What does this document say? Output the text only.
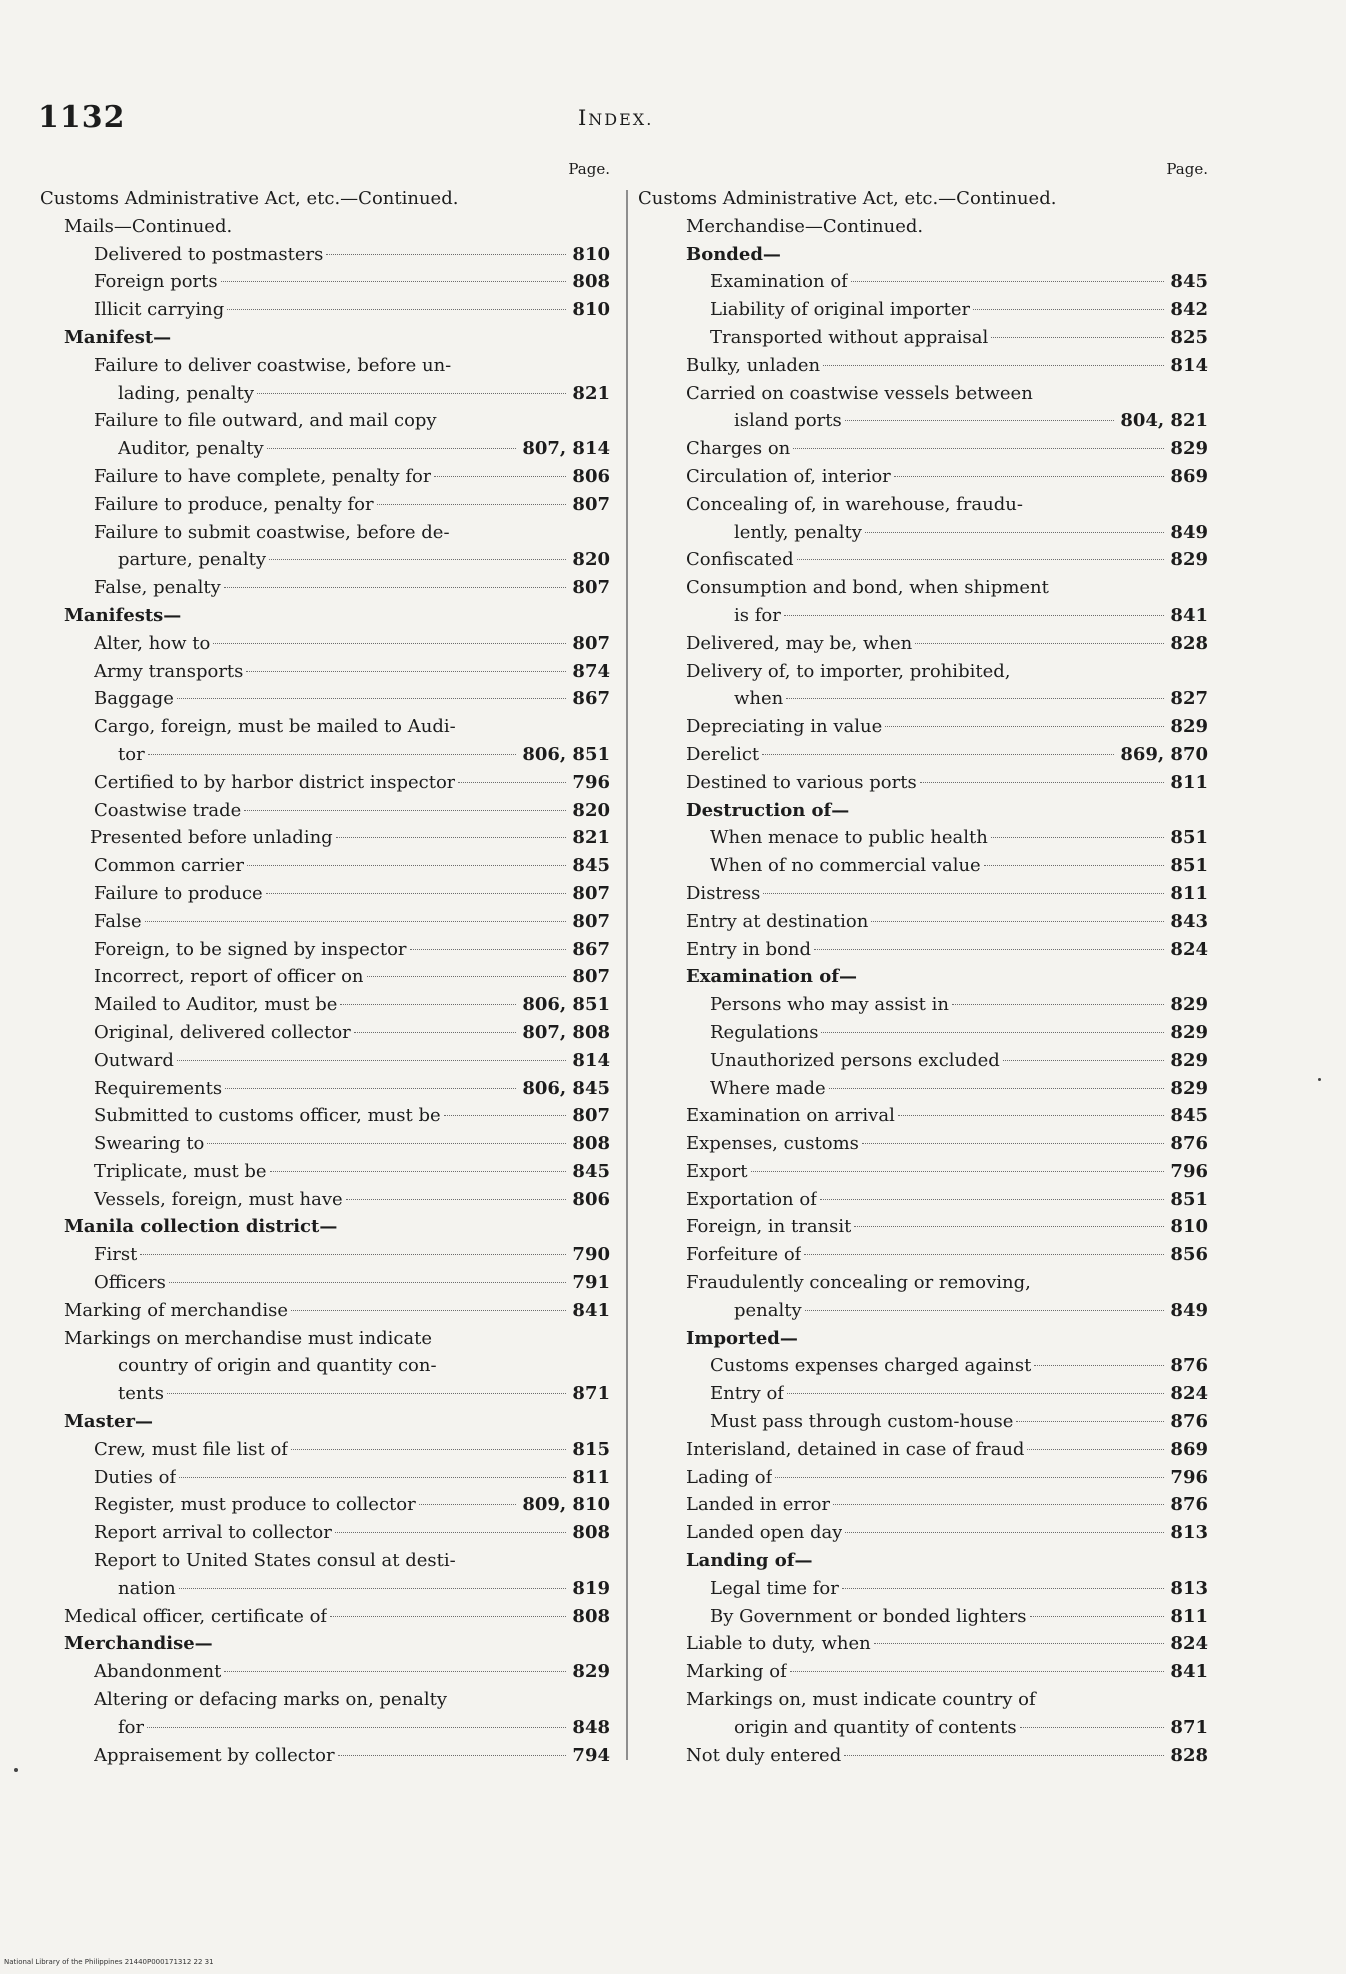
1132	INDEX.
Page.
Customs Administrative Act, etc.—Continued.
Mails—Continued.
Delivered to postmasters	810
Foreign ports	808
Illicit carrying	810
Manifest—
Failure to deliver coastwise, before un-
lading, penalty	821
Failure to file outward, and mail copy
Auditor, penalty	807, 814
Failure to have complete, penalty for	806
Failure to produce, penalty for	807
Failure to submit coastwise, before de-
parture, penalty	820
False, penalty	807
Manifests—
Alter, how to	807
Army transports	874
Baggage	867
Cargo, foreign, must be mailed to Audi-
tor	806, 851
Certified to by harbor district inspector	796
Coastwise trade	820
Presented before unlading	821
Common carrier	845
Failure to produce	807
False	807
Foreign, to be signed by inspector	867
Incorrect, report of officer on	807
Mailed to Auditor, must be	806, 851
Original, delivered collector	807, 808
Outward	814
Requirements	806, 845
Submitted to customs officer, must be	807
Swearing to	808
Triplicate, must be	845
Vessels, foreign, must have	806
Manila collection district—
First	790
Officers	791
Marking of merchandise	841
Markings on merchandise must indicate
country of origin and quantity con-
tents	871
Master—
Crew, must file list of	815
Duties of	811
Register, must produce to collector	809, 810
Report arrival to collector	808
Report to United States consul at desti-
nation	819
Medical officer, certificate of	808
Merchandise—
Abandonment	829
Altering or defacing marks on, penalty
for	848
Appraisement by collector	794
Page.
Customs Administrative Act, etc.—Continued.
Merchandise—Continued.
Bonded—
Examination of	845
Liability of original importer	842
Transported without appraisal	825
Bulky, unladen	814
Carried on coastwise vessels between
island ports	804, 821
Charges on	829
Circulation of, interior	869
Concealing of, in warehouse, fraudu-
lently, penalty	849
Confiscated	829
Consumption and bond, when shipment
is for	841
Delivered, may be, when	828
Delivery of, to importer, prohibited,
when	827
Depreciating in value	829
Derelict	869, 870
Destined to various ports	811
Destruction of—
When menace to public health	851
When of no commercial value	851
Distress	811
Entry at destination	843
Entry in bond	824
Examination of—
Persons who may assist in	829
Regulations	829
Unauthorized persons excluded	829
Where made	829
Examination on arrival	845
Expenses, customs	876
Export	796
Exportation of	851
Foreign, in transit	810
Forfeiture of	856
Fraudulently concealing or removing,
penalty	849
Imported—
Customs expenses charged against	876
Entry of	824
Must pass through custom-house	876
Interisland, detained in case of fraud	869
Lading of	796
Landed in error	876
Landed open day	813
Landing of—
Legal time for	813
By Government or bonded lighters	811
Liable to duty, when	824
Marking of	841
Markings on, must indicate country of
origin and quantity of contents	871
Not duly entered	828
National Library of the Philippines 21440P000171312 22 31
